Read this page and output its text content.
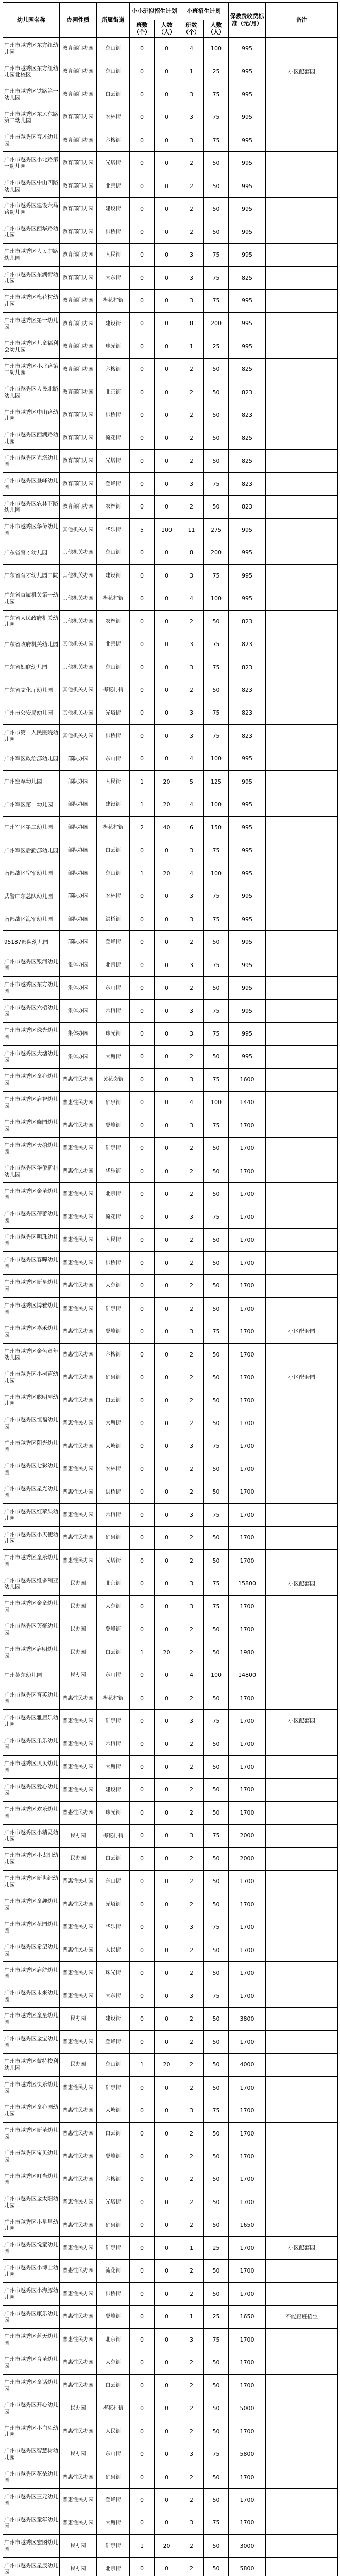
幼儿园名称	办园性质	所属街道	小小班拟招生计划		小班招生计划		保教费收费标准（元/月）	备注
			班数（个）	人数（人）	班数（个）	人数（人）		
广州市越秀区东方红幼儿园	教育部门办园	东山街	0	0	4	100	995	
广州市越秀区东方红幼儿园北校区	教育部门办园	东山街	0	0	1	25	995	小区配套园
广州市越秀区铁路第一幼儿园	教育部门办园	白云街	0	0	3	75	995	
广州市越秀区东风东路第二幼儿园	教育部门办园	农林街	0	0	3	75	995	
广州市越秀区育才幼儿园	教育部门办园	六榕街	0	0	3	75	995	
广州市越秀区小北路第一幼儿园	教育部门办园	光塔街	0	0	2	50	995	
广州市越秀区中山四路幼儿园	教育部门办园	北京街	0	0	2	50	995	
广州市越秀区建设六马路幼儿园	教育部门办园	建设街	0	0	2	50	995	
广州市越秀区西华路幼儿园	教育部门办园	洪桥街	0	0	2	50	995	
广州市越秀区人民中路幼儿园	教育部门办园	人民街	0	0	3	75	995	
广州市越秀区东湖街幼儿园	教育部门办园	大东街	0	0	3	75	825	
广州市越秀区梅花村幼儿园	教育部门办园	梅花村街	0	0	3	75	995	
广州市越秀区第一幼儿园	教育部门办园	建设街	0	0	8	200	995	
广州市越秀区儿童福利会幼儿园	教育部门办园	珠光街	0	0	1	25	995	
广州市越秀区小北路第二幼儿园	教育部门办园	六榕街	0	0	2	50	825	
广州市越秀区人民北路幼儿园	教育部门办园	北京街	0	0	2	50	823	
广州市越秀区中山路幼儿园	教育部门办园	洪桥街	0	0	2	50	823	
广州市越秀区西湖路幼儿园	教育部门办园	流花街	0	0	2	50	825	
广州市越秀区光塔幼儿园	教育部门办园	光塔街	0	0	2	50	825	
广州市越秀区登峰幼儿园	教育部门办园	登峰街	0	0	3	75	823	
广州市越秀区农林下路幼儿园	教育部门办园	农林街	0	0	2	50	823	
广州市越秀区华侨幼儿园	其他机关办园	华乐街	5	100	11	275	995	
广东省育才幼儿园	其他机关办园	东山街	0	0	8	200	995	
广东省育才幼儿园二院	其他机关办园	建设街	0	0	3	75	995	
广东省直属机关第一幼儿园	其他机关办园	梅花村街	0	0	4	100	995	
广东省人民政府机关幼儿园	其他机关办园	农林街	0	0	2	50	823	
广东省政府机关幼儿园	其他机关办园	北京街	0	0	3	75	823	
广东省妇联幼儿园	其他机关办园	东山街	0	0	3	75	823	
广东省文化厅幼儿园	其他机关办园	梅花村街	0	0	2	50	823	
广州市公安局幼儿园	其他机关办园	光塔街	0	0	3	75	823	
广州市第一人民医院幼儿园	其他机关办园	洪桥街	0	0	3	75	823	
广州军区政治部幼儿园	部队办园	东山街	0	0	4	100	995	
广州空军幼儿园	部队办园	人民街	1	20	5	125	995	
广州军区第一幼儿园	部队办园	建设街	1	20	4	100	995	
广州军区第二幼儿园	部队办园	梅花村街	2	40	6	150	995	
广州军区后勤部幼儿园	部队办园	白云街	0	0	3	75	995	
南部战区空军幼儿园	部队办园	东山街	1	20	4	100	995	
武警广东总队幼儿园	部队办园	农林街	0	0	3	75	995	
南部战区海军幼儿园	部队办园	洪桥街	0	0	3	75	995	
95187部队幼儿园	部队办园	登峰街	0	0	2	50	995	
广州市越秀区银河幼儿园	集体办园	北京街	0	0	3	75	995	
广州市越秀区东方幼儿园	集体办园	东山街	0	0	2	50	995	
广州市越秀区六榕幼儿园	集体办园	六榕街	0	0	3	75	995	
广州市越秀区珠光幼儿园	集体办园	珠光街	0	0	3	75	995	
广州市越秀区大塘幼儿园	集体办园	大塘街	0	0	2	50	995	
广州市越秀区童心幼儿园	普惠性民办园	黄花岗街	0	0	3	75	1600	
广州市越秀区启智幼儿园	普惠性民办园	矿泉街	0	0	4	100	1440	
广州市越秀区晓园幼儿园	普惠性民办园	登峰街	0	0	3	75	1700	
广州市越秀区天鹅幼儿园	普惠性民办园	矿泉街	0	0	2	50	1700	
广州市越秀区华侨新村幼儿园	普惠性民办园	华乐街	0	0	2	50	1700	
广州市越秀区金苗幼儿园	普惠性民办园	北京街	0	0	2	50	1700	
广州市越秀区蓓蕾幼儿园	普惠性民办园	流花街	0	0	3	75	1700	
广州市越秀区明珠幼儿园	普惠性民办园	人民街	0	0	2	50	1700	
广州市越秀区春晖幼儿园	普惠性民办园	洪桥街	0	0	2	50	1700	
广州市越秀区新星幼儿园	普惠性民办园	大东街	0	0	2	50	1700	
广州市越秀区博雅幼儿园	普惠性民办园	矿泉街	0	0	2	50	1700	
广州市越秀区嘉禾幼儿园	普惠性民办园	登峰街	0	0	3	75	1700	小区配套园
广州市越秀区金色童年幼儿园	普惠性民办园	六榕街	0	0	2	50	1700	
广州市越秀区小树苗幼儿园	普惠性民办园	矿泉街	0	0	2	50	1700	小区配套园
广州市越秀区聪明屋幼儿园	普惠性民办园	白云街	0	0	2	50	1700	
广州市越秀区恒福幼儿园	普惠性民办园	大塘街	0	0	2	50	1700	
广州市越秀区阳光幼儿园	普惠性民办园	大塘街	0	0	3	75	1700	
广州市越秀区七彩幼儿园	普惠性民办园	农林街	0	0	2	50	1700	
广州市越秀区星光幼儿园	普惠性民办园	洪桥街	0	0	2	50	1700	
广州市越秀区红苹果幼儿园	普惠性民办园	六榕街	0	0	3	75	1700	
广州市越秀区小天使幼儿园	普惠性民办园	矿泉街	0	0	2	50	1700	
广州市越秀区童乐幼儿园	普惠性民办园	光塔街	0	0	2	50	1700	
广州市越秀区维多利亚幼儿园	民办园	北京街	0	0	3	75	15800	小区配套园
广州市越秀区金童幼儿园	民办园	大东街	0	0	3	75	1700	
广州市越秀区英豪幼儿园	民办园	登峰街	0	0	2	50	1700	
广州市越秀区启明幼儿园	民办园	白云街	1	20	2	50	1980	
广州英东幼儿园	民办园	东山街	0	0	4	100	14800	
广州市越秀区育英幼儿园	普惠性民办园	梅花村街	0	0	2	50	1700	
广州市越秀区雅居乐幼儿园	普惠性民办园	矿泉街	0	0	3	75	1700	小区配套园
广州市越秀区乐乐幼儿园	普惠性民办园	六榕街	0	0	2	50	1700	
广州市越秀区贝贝幼儿园	普惠性民办园	大塘街	0	0	2	50	1700	
广州市越秀区爱心幼儿园	普惠性民办园	建设街	0	0	2	50	1700	
广州市越秀区欢乐幼儿园	普惠性民办园	珠光街	0	0	2	50	1700	
广州市越秀区小精灵幼儿园	民办园	梅花村街	0	0	3	75	2000	
广州市越秀区小太阳幼儿园	民办园	白云街	0	0	2	50	2000	
广州市越秀区新世纪幼儿园	普惠性民办园	东山街	0	0	2	50	1700	
广州市越秀区童趣幼儿园	普惠性民办园	光塔街	0	0	2	50	1700	
广州市越秀区花园幼儿园	普惠性民办园	华乐街	0	0	3	75	1700	
广州市越秀区希望幼儿园	普惠性民办园	人民街	0	0	2	50	1700	
广州市越秀区启航幼儿园	普惠性民办园	珠光街	0	0	2	50	1700	
广州市越秀区未来幼儿园	普惠性民办园	大东街	0	0	3	75	1700	
广州市越秀区童星幼儿园	民办园	建设街	0	0	2	50	3800	
广州市越秀区金宝幼儿园	普惠性民办园	登峰街	0	0	2	50	1700	
广州市越秀区蒙特梭利幼儿园	民办园	东山街	1	20	2	50	4000	
广州市越秀区快乐幼儿园	普惠性民办园	矿泉街	0	0	2	50	1700	
广州市越秀区童心园幼儿园	普惠性民办园	大塘街	0	0	3	75	1700	
广州市越秀区新苗幼儿园	普惠性民办园	白云街	0	0	2	50	1700	
广州市越秀区宝贝幼儿园	普惠性民办园	登峰街	0	0	2	50	1700	
广州市越秀区叮当幼儿园	普惠性民办园	六榕街	0	0	2	50	1700	
广州市越秀区金太阳幼儿园	普惠性民办园	光塔街	0	0	2	50	1700	
广州市越秀区小星星幼儿园	普惠性民办园	矿泉街	0	0	2	50	1650	
广州市越秀区悦童幼儿园	普惠性民办园	矿泉街	0	0	1	25	1700	小区配套园
广州市越秀区小博士幼儿园	普惠性民办园	流花街	0	0	2	50	1700	
广州市越秀区小海豚幼儿园	普惠性民办园	洪桥街	0	0	2	50	1700	
广州市越秀区康乐幼儿园	普惠性民办园	登峰街	0	0	1	25	1650	不能跟班招生
广州市越秀区蓝天幼儿园	普惠性民办园	北京街	0	0	3	75	1700	
广州市越秀区育苗幼儿园	普惠性民办园	大东街	0	0	2	50	1700	
广州市越秀区童话幼儿园	普惠性民办园	白云街	0	0	2	50	1700	
广州市越秀区开心幼儿园	民办园	梅花村街	0	0	2	50	5000	
广州市越秀区小白兔幼儿园	普惠性民办园	人民街	0	0	2	50	1700	
广州市越秀区智慧树幼儿园	民办园	东山街	0	0	3	75	5800	
广州市越秀区花朵幼儿园	普惠性民办园	矿泉街	0	0	2	50	1700	
广州市越秀区三元幼儿园	普惠性民办园	登峰街	0	0	2	50	1700	
广州市越秀区童年幼儿园	普惠性民办园	大塘街	0	0	3	75	1700	
广州市越秀区宏图幼儿园	民办园	矿泉街	1	20	2	50	3000	
广州市越秀区星辰幼儿园	民办园	北京街	0	0	2	50	5800	
